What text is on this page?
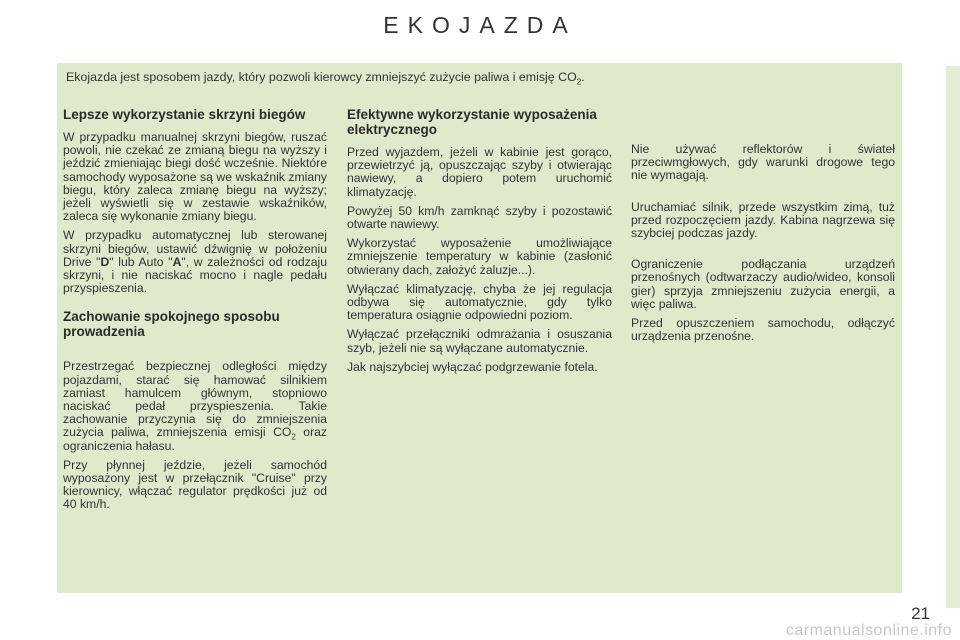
EKOJAZDA
Ekojazda jest sposobem jazdy, który pozwoli kierowcy zmniejszyć zużycie paliwa i emisję $CO_2$.
Lepsze wykorzystanie skrzyni biegów

W przypadku manualnej skrzyni biegów, ruszać powoli, nie czekać ze zmianą biegu na wyższy i jeździć zmieniając biegi dość wcześnie. Niektóre samochody wyposażone są we wskaźnik zmiany biegu, który zaleca zmianę biegu na wyższy; jeżeli wyświetli się w zestawie wskaźników, zaleca się wykonanie zmiany biegu.

W przypadku automatycznej lub sterowanej skrzyni biegów, ustawić dźwignię w położeniu Drive "D" lub Auto "A", w zależności od rodzaju skrzyni, i nie naciskać mocno i nagle pedału przyspieszenia.

Zachowanie spokojnego sposobu prowadzenia

Przestrzegać bezpiecznej odległości między pojazdami, starać się hamować silnikiem zamiast hamulcem głównym, stopniowo naciskać pedał przyspieszenia. Takie zachowanie przyczynia się do zmniejszenia zużycia paliwa, zmniejszenia emisji $CO_2$ oraz ograniczenia hałasu.

Przy płynnej jeździe, jeżeli samochód wyposażony jest w przełącznik "Cruise" przy kierownicy, włączać regulator prędkości już od 40 km/h.

Efektywne wykorzystanie wyposażenia elektrycznego

Przed wyjazdem, jeżeli w kabinie jest gorąco, przewietrzyć ją, opuszczając szyby i otwierając nawiewy, a dopiero potem uruchomić klimatyzację.

Powyżej 50 km/h zamknąć szyby i pozostawić otwarte nawiewy.

Wykorzystać wyposażenie umożliwiające zmniejszenie temperatury w kabinie (zasłonić otwierany dach, założyć żaluzje...).

Wyłączać klimatyzację, chyba że jej regulacja odbywa się automatycznie, gdy tylko temperatura osiągnie odpowiedni poziom.

Wyłączać przełączniki odmrażania i osuszania szyb, jeżeli nie są wyłączane automatycznie.

Jak najszybciej wyłączać podgrzewanie fotela.

Nie używać reflektorów i świateł przeciwmgłowych, gdy warunki drogowe tego nie wymagają.

Uruchamiać silnik, przede wszystkim zimą, tuż przed rozpoczęciem jazdy. Kabina nagrzewa się szybciej podczas jazdy.

Ograniczenie podłączania urządzeń przenośnych (odtwarzaczy audio/wideo, konsoli gier) sprzyja zmniejszeniu zużycia energii, a więc paliwa.

Przed opuszczeniem samochodu, odłączyć urządzenia przenośne.

21
carmanualsonline.info
